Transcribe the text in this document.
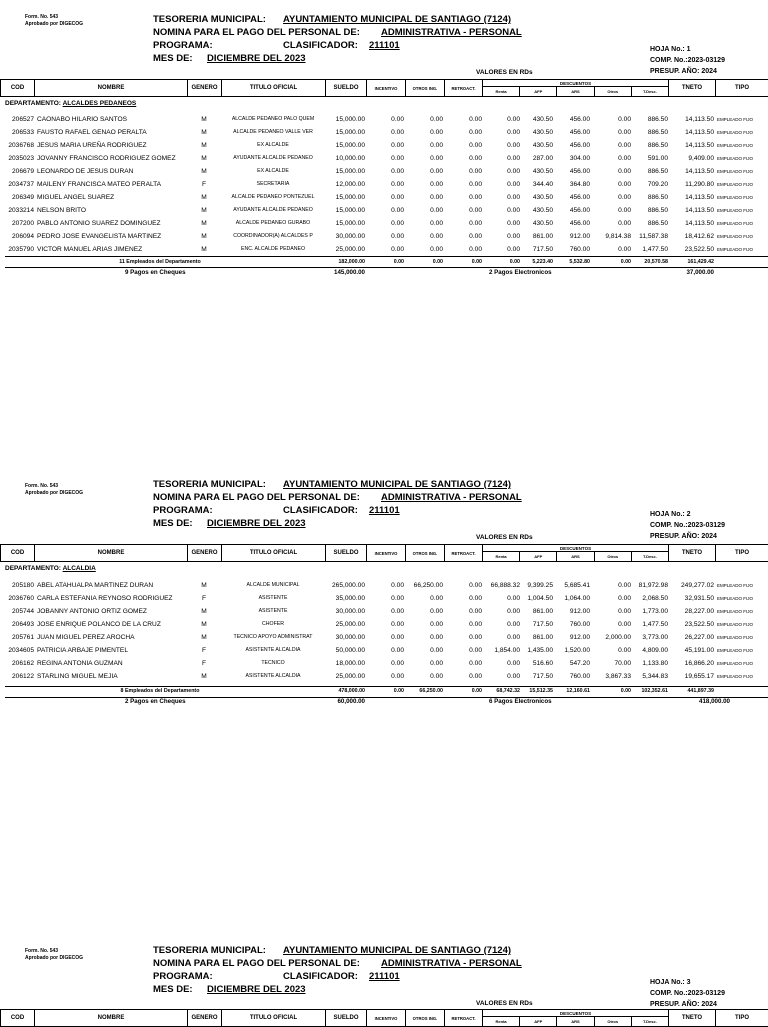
Form. No. 543
Aprobado por DIGECOG	TESORERIA MUNICIPAL: AYUNTAMIENTO MUNICIPAL DE SANTIAGO (7124)
NOMINA PARA EL PAGO DEL PERSONAL DE: ADMINISTRATIVA - PERSONAL
PROGRAMA:	CLASIFICADOR: 211101
MES DE: DICIEMBRE DEL 2023
HOJA No.: 1
COMP. No.:2023-03129
PRESUP. AÑO: 2024
VALORES EN RDs
COD	NOMBRE	GENERO	TITULO OFICIAL	SUELDO	INCENTIVO	OTROS ING.	RETROACT.	
DESCUENTOS
Renta	AFP	ARS	Otros	T.Desc.
	TNETO	TIPO
DEPARTAMENTO: ALCALDES PEDANEOS
206527 CAONABO HILARIO SANTOS	M	ALCALDE PEDANEO PALO QUEM	15,000.00	0.00	0.00	0.00	0.00	430.50	456.00	0.00	886.50	14,113.50 EMPLEADO FIJO
206533 FAUSTO RAFAEL GENAO PERALTA	M	ALCALDE PEDANEO VALLE VER	15,000.00	0.00	0.00	0.00	0.00	430.50	456.00	0.00	886.50	14,113.50 EMPLEADO FIJO
2036768 JESUS MARIA UREÑA RODRIGUEZ	M	EX ALCALDE	15,000.00	0.00	0.00	0.00	0.00	430.50	456.00	0.00	886.50	14,113.50 EMPLEADO FIJO
2035023 JOVANNY FRANCISCO RODRIGUEZ GOMEZ	M	AYUDANTE ALCALDE PEDANEO	10,000.00	0.00	0.00	0.00	0.00	287.00	304.00	0.00	591.00	9,409.00 EMPLEADO FIJO
206679 LEONARDO DE JESUS DURAN	M	EX ALCALDE	15,000.00	0.00	0.00	0.00	0.00	430.50	456.00	0.00	886.50	14,113.50 EMPLEADO FIJO
2034737 MAILENY FRANCISCA MATEO PERALTA	F	SECRETARIA	12,000.00	0.00	0.00	0.00	0.00	344.40	364.80	0.00	709.20	11,290.80 EMPLEADO FIJO
206349 MIGUEL ANGEL SUAREZ	M	ALCALDE PEDANEO PONTEZUEL	15,000.00	0.00	0.00	0.00	0.00	430.50	456.00	0.00	886.50	14,113.50 EMPLEADO FIJO
2033214 NELSON BRITO	M	AYUDANTE ALCALDE PEDANEO	15,000.00	0.00	0.00	0.00	0.00	430.50	456.00	0.00	886.50	14,113.50 EMPLEADO FIJO
207200 PABLO ANTONIO SUAREZ DOMINGUEZ	M	ALCALDE PEDANEO GURABO	15,000.00	0.00	0.00	0.00	0.00	430.50	456.00	0.00	886.50	14,113.50 EMPLEADO FIJO
206094 PEDRO JOSE EVANGELISTA MARTINEZ	M	COORDINADOR(A) ALCALDES P	30,000.00	0.00	0.00	0.00	0.00	861.00	912.00	9,814.38	11,587.38	18,412.62 EMPLEADO FIJO
2035790 VICTOR MANUEL ARIAS JIMENEZ	M	ENC. ALCALDE PEDANEO	25,000.00	0.00	0.00	0.00	0.00	717.50	760.00	0.00	1,477.50	23,522.50 EMPLEADO FIJO
11 Empleados del Departamento	182,000.00	0.00	0.00	0.00	0.00	5,223.40	5,532.80	0.00	20,570.58	161,429.42
9 Pagos en Cheques	145,000.00	2 Pagos Electronicos	37,000.00
Form. No. 543
Aprobado por DIGECOG
TESORERIA MUNICIPAL: AYUNTAMIENTO MUNICIPAL DE SANTIAGO (7124)
NOMINA PARA EL PAGO DEL PERSONAL DE: ADMINISTRATIVA - PERSONAL
PROGRAMA:	CLASIFICADOR: 211101
MES DE: DICIEMBRE DEL 2023
HOJA No.: 2
COMP. No.:2023-03129
PRESUP. AÑO: 2024
VALORES EN RDs
COD	NOMBRE	GENERO	TITULO OFICIAL	SUELDO	INCENTIVO	OTROS ING.	RETROACT.	
DESCUENTOS
Renta	AFP	ARS	Otros	T.Desc.
	TNETO	TIPO
DEPARTAMENTO: ALCALDIA
205180 ABEL ATAHUALPA MARTINEZ DURAN	M	ALCALDE MUNICIPAL	265,000.00	0.00	66,250.00	0.00	66,888.32	9,399.25	5,685.41	0.00	81,972.98	249,277.02 EMPLEADO FIJO
2036760 CARLA ESTEFANIA REYNOSO RODRIGUEZ	F	ASISTENTE	35,000.00	0.00	0.00	0.00	0.00	1,004.50	1,064.00	0.00	2,068.50	32,931.50 EMPLEADO FIJO
205744 JOBANNY ANTONIO ORTIZ GOMEZ	M	ASISTENTE	30,000.00	0.00	0.00	0.00	0.00	861.00	912.00	0.00	1,773.00	28,227.00 EMPLEADO FIJO
206493 JOSE ENRIQUE POLANCO DE LA CRUZ	M	CHOFER	25,000.00	0.00	0.00	0.00	0.00	717.50	760.00	0.00	1,477.50	23,522.50 EMPLEADO FIJO
205761 JUAN MIGUEL PEREZ AROCHA	M	TECNICO APOYO ADMINISTRAT	30,000.00	0.00	0.00	0.00	0.00	861.00	912.00	2,000.00	3,773.00	26,227.00 EMPLEADO FIJO
2034605 PATRICIA ARBAJE PIMENTEL	F	ASISTENTE ALCALDIA	50,000.00	0.00	0.00	0.00	1,854.00	1,435.00	1,520.00	0.00	4,809.00	45,191.00 EMPLEADO FIJO
206162 REGINA ANTONIA GUZMAN	F	TECNICO	18,000.00	0.00	0.00	0.00	0.00	516.60	547.20	70.00	1,133.80	16,866.20 EMPLEADO FIJO
206122 STARLING MIGUEL MEJIA	M	ASISTENTE ALCALDIA	25,000.00	0.00	0.00	0.00	0.00	717.50	760.00	3,867.33	5,344.83	19,655.17 EMPLEADO FIJO
8 Empleados del Departamento	478,000.00	0.00	66,250.00	0.00	68,742.32	15,512.35	12,160.61	0.00	102,352.61	441,897.39
2 Pagos en Cheques	60,000.00	6 Pagos Electronicos	418,000.00
Form. No. 543
Aprobado por DIGECOG
TESORERIA MUNICIPAL: AYUNTAMIENTO MUNICIPAL DE SANTIAGO (7124)
NOMINA PARA EL PAGO DEL PERSONAL DE: ADMINISTRATIVA - PERSONAL
PROGRAMA:	CLASIFICADOR: 211101
MES DE: DICIEMBRE DEL 2023
HOJA No.: 3
COMP. No.:2023-03129
PRESUP. AÑO: 2024
VALORES EN RDs
COD	NOMBRE	GENERO	TITULO OFICIAL	SUELDO	INCENTIVO	OTROS ING.	RETROACT.	
DESCUENTOS
Renta	AFP	ARS	Otros	T.Desc.
	TNETO	TIPO
